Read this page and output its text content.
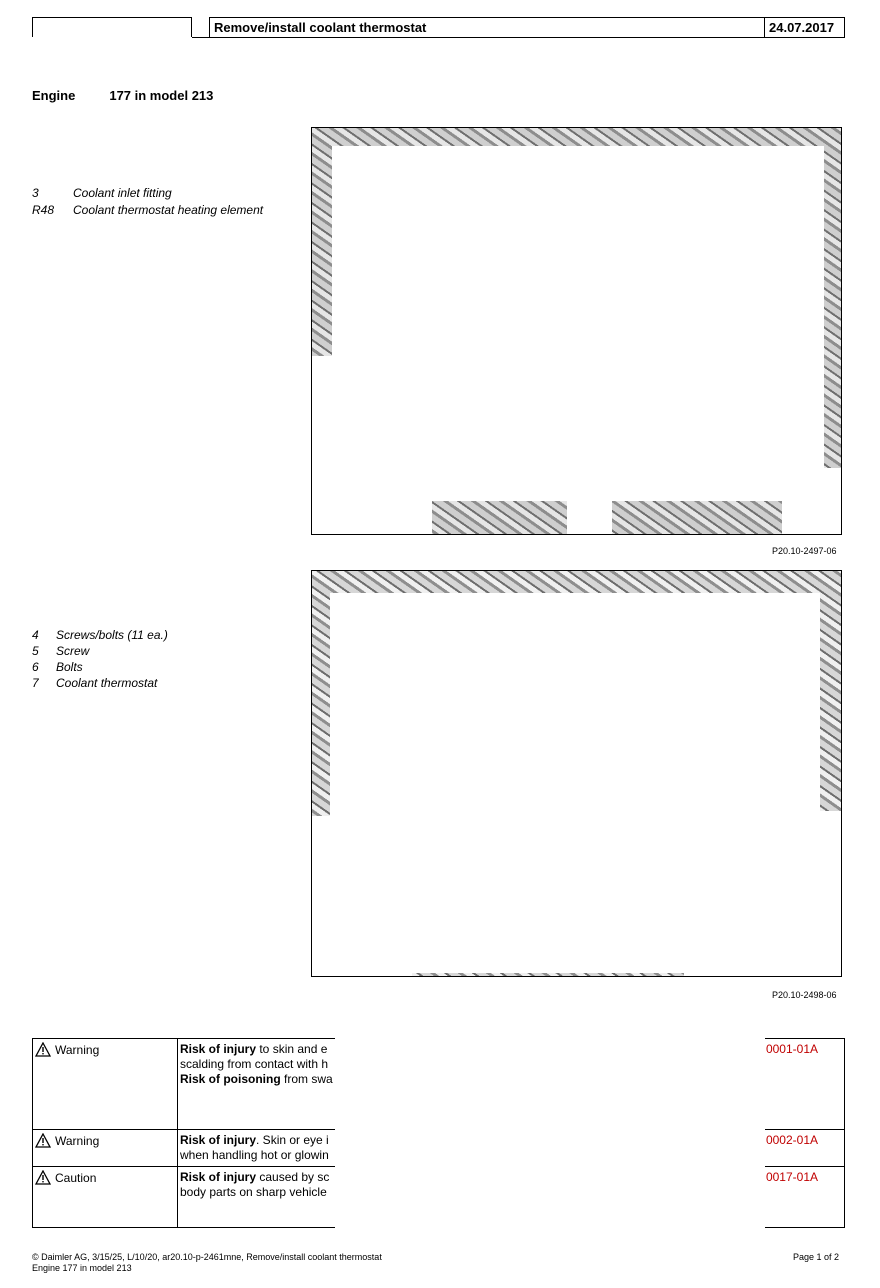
Remove/install coolant thermostat	24.07.2017
Engine	177 in model 213
3	Coolant inlet fitting
R48	Coolant thermostat heating element
P20.10-2497-06
4	Screws/bolts (11 ea.)
5	Screw
6	Bolts
7	Coolant thermostat
P20.10-2498-06
Warning	Risk of injury to skin and e
scalding from contact with h
Risk of poisoning from swa	0001-01A
Warning	Risk of injury. Skin or eye i
when handling hot or glowin	0002-01A
Caution	Risk of injury caused by sc
body parts on sharp vehicle	0017-01A
© Daimler AG, 3/15/25, L/10/20, ar20.10-p-2461mne, Remove/install coolant thermostat
Engine 177 in model 213
Page 1 of 2
